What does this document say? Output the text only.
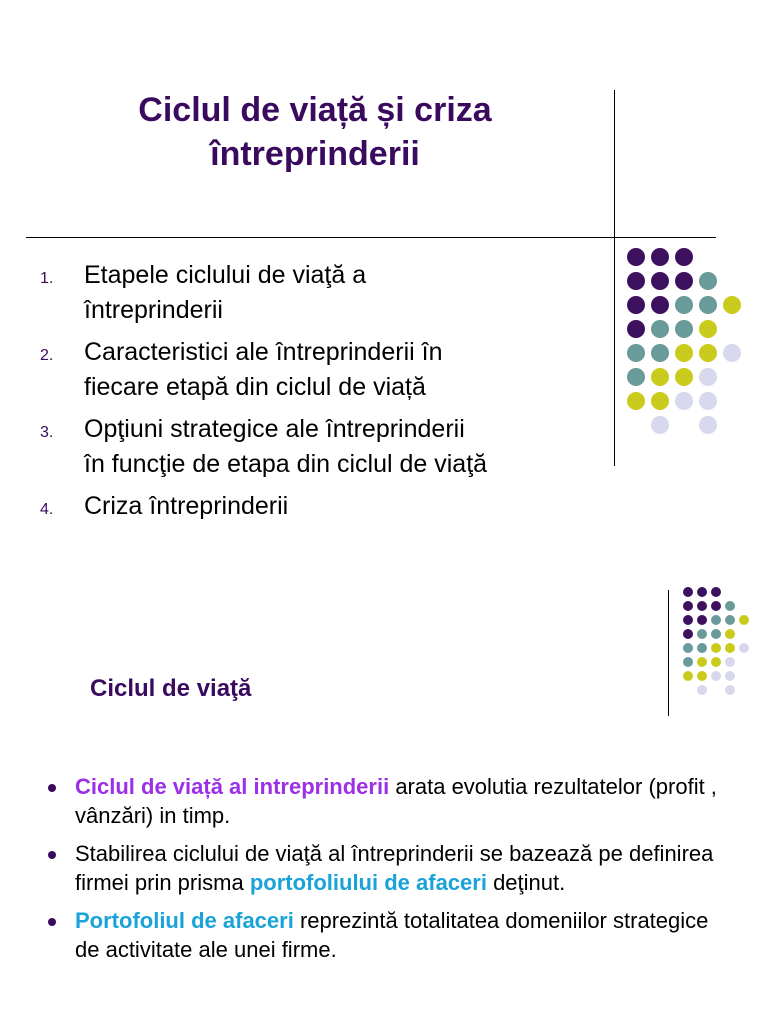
Ciclul de viață și criza
întreprinderii
1. Etapele ciclului de viaţă a
întreprinderii
2. Caracteristici ale întreprinderii în
fiecare etapă din ciclul de viață
3. Opţiuni strategice ale întreprinderii
în funcţie de etapa din ciclul de viaţă
4. Criza întreprinderii
Ciclul de viaţă
Ciclul de viață al intreprinderii arata evolutia rezultatelor (profit , vânzări) in timp.
Stabilirea ciclului de viaţă al întreprinderii se bazează pe definirea firmei prin prisma portofoliului de afaceri deţinut.
Portofoliul de afaceri reprezintă totalitatea domeniilor strategice de activitate ale unei firme.
